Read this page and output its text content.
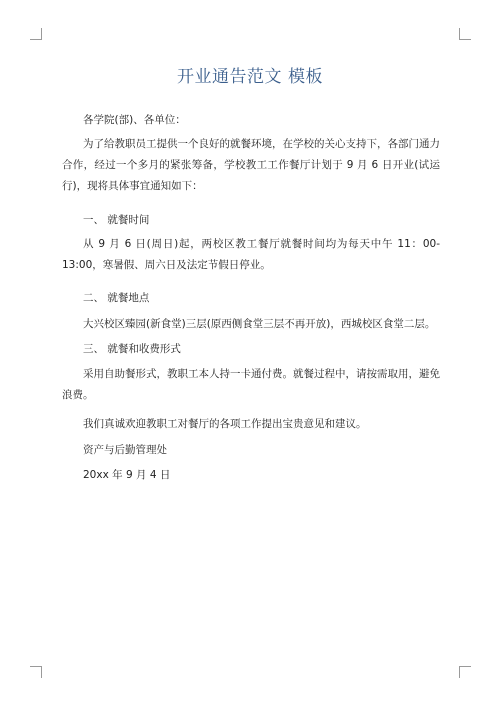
开业通告范文 模板

各学院(部)、各单位：

为了给教职员工提供一个良好的就餐环境，在学校的关心支持下，各部门通力合作，经过一个多月的紧张筹备，学校教工工作餐厅计划于 9 月 6 日开业(试运行)，现将具体事宜通知如下：

一、 就餐时间

从 9 月 6 日(周日)起，两校区教工餐厅就餐时间均为每天中午 11：00-13:00，寒暑假、周六日及法定节假日停业。

二、 就餐地点

大兴校区臻园(新食堂)三层(原西侧食堂三层不再开放)，西城校区食堂二层。

三、 就餐和收费形式

采用自助餐形式，教职工本人持一卡通付费。就餐过程中，请按需取用，避免浪费。

我们真诚欢迎教职工对餐厅的各项工作提出宝贵意见和建议。

资产与后勤管理处

20xx 年 9 月 4 日
